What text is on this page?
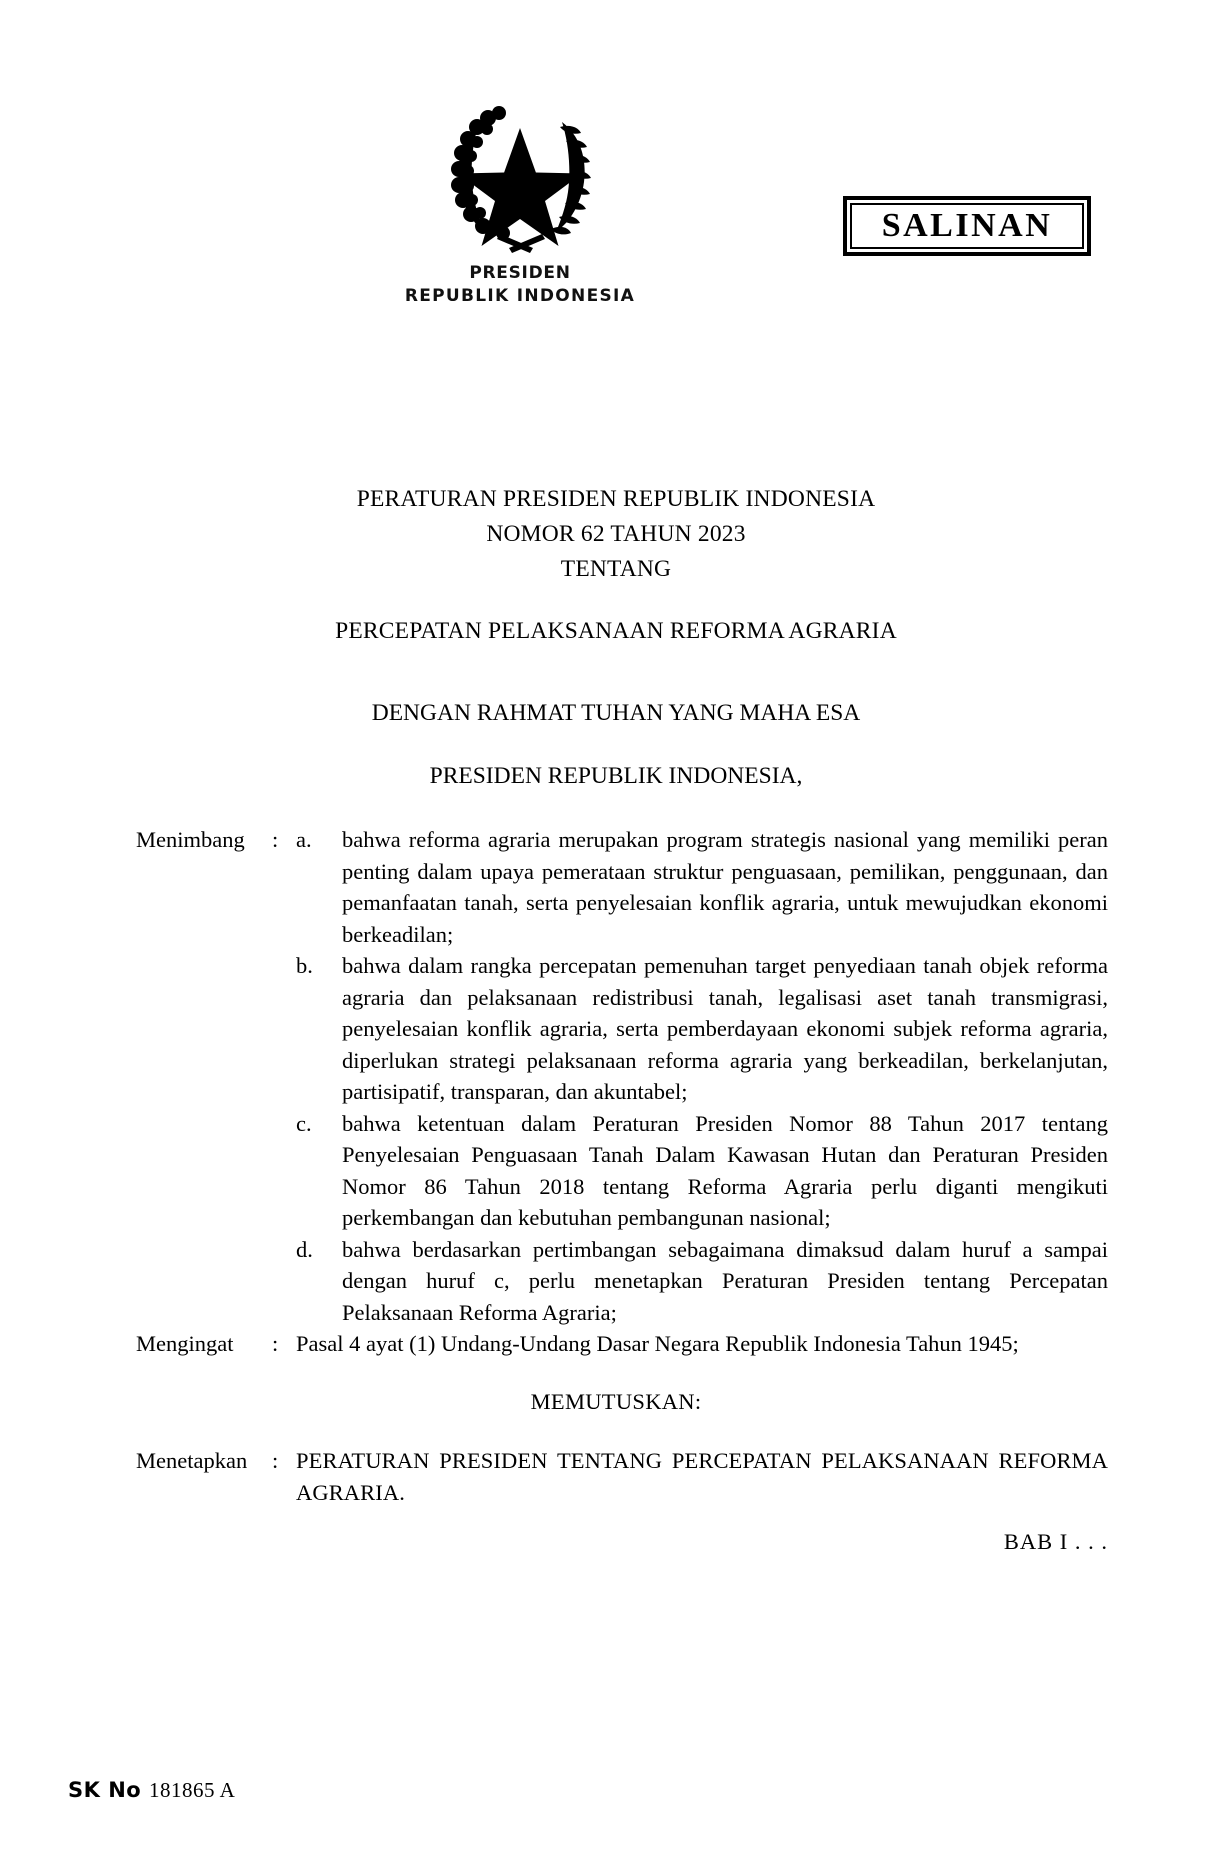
PRESIDEN
REPUBLIK INDONESIA
SALINAN
PERATURAN PRESIDEN REPUBLIK INDONESIA
NOMOR 62 TAHUN 2023
TENTANG
PERCEPATAN PELAKSANAAN REFORMA AGRARIA
DENGAN RAHMAT TUHAN YANG MAHA ESA
PRESIDEN REPUBLIK INDONESIA,
Menimbang	: a.	bahwa reforma agraria merupakan program strategis nasional yang memiliki peran penting dalam upaya pemerataan struktur penguasaan, pemilikan, penggunaan, dan pemanfaatan tanah, serta penyelesaian konflik agraria, untuk mewujudkan ekonomi berkeadilan;
b.	bahwa dalam rangka percepatan pemenuhan target penyediaan tanah objek reforma agraria dan pelaksanaan redistribusi tanah, legalisasi aset tanah transmigrasi, penyelesaian konflik agraria, serta pemberdayaan ekonomi subjek reforma agraria, diperlukan strategi pelaksanaan reforma agraria yang berkeadilan, berkelanjutan, partisipatif, transparan, dan akuntabel;
c.	bahwa ketentuan dalam Peraturan Presiden Nomor 88 Tahun 2017 tentang Penyelesaian Penguasaan Tanah Dalam Kawasan Hutan dan Peraturan Presiden Nomor 86 Tahun 2018 tentang Reforma Agraria perlu diganti mengikuti perkembangan dan kebutuhan pembangunan nasional;
d.	bahwa berdasarkan pertimbangan sebagaimana dimaksud dalam huruf a sampai dengan huruf c, perlu menetapkan Peraturan Presiden tentang Percepatan Pelaksanaan Reforma Agraria;
Mengingat	: Pasal 4 ayat (1) Undang-Undang Dasar Negara Republik Indonesia Tahun 1945;
MEMUTUSKAN:
Menetapkan	: PERATURAN PRESIDEN TENTANG PERCEPATAN PELAKSANAAN REFORMA AGRARIA.
BAB I . . .
SK No 181865 A
